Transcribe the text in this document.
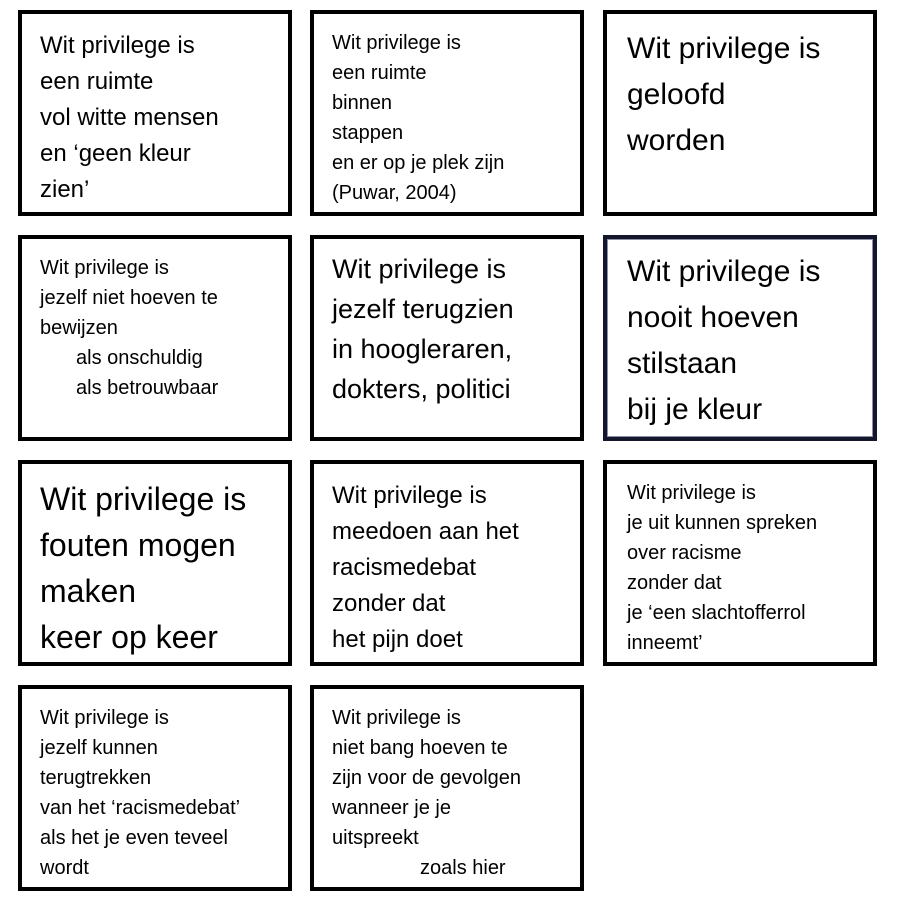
Wit privilege is
een ruimte
vol witte mensen
en ‘geen kleur
zien’
Wit privilege is
een ruimte
binnen
stappen
en er op je plek zijn
(Puwar, 2004)
Wit privilege is
geloofd
worden
Wit privilege is
jezelf niet hoeven te
bewijzen
als onschuldig
als betrouwbaar
Wit privilege is
jezelf terugzien
in hoogleraren,
dokters, politici
Wit privilege is
nooit hoeven
stilstaan
bij je kleur
Wit privilege is
fouten mogen
maken
keer op keer
Wit privilege is
meedoen aan het
racismedebat
zonder dat
het pijn doet
Wit privilege is
je uit kunnen spreken
over racisme
zonder dat
je ‘een slachtofferrol
inneemt’
Wit privilege is
jezelf kunnen
terugtrekken
van het ‘racismedebat’
als het je even teveel
wordt
Wit privilege is
niet bang hoeven te
zijn voor de gevolgen
wanneer je je
uitspreekt
zoals hier
